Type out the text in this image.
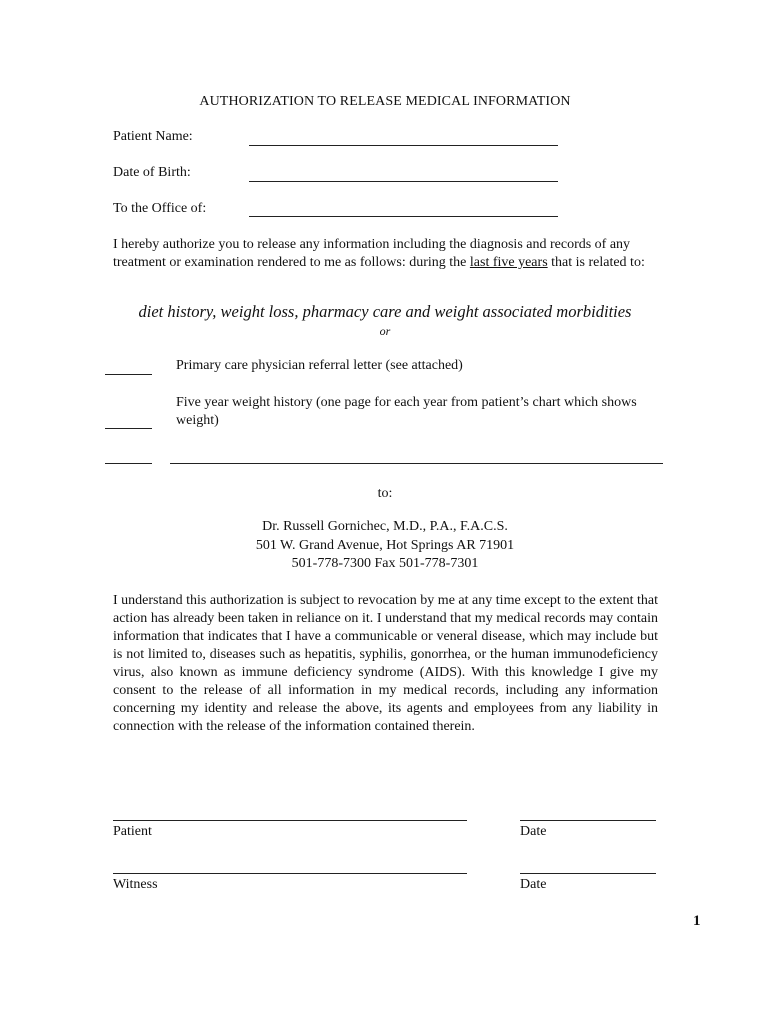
AUTHORIZATION TO RELEASE MEDICAL INFORMATION
Patient Name:
Date of Birth:
To the Office of:
I hereby authorize you to release any information including the diagnosis and records of any treatment or examination rendered to me as follows: during the last five years that is related to:
diet history, weight loss, pharmacy care and weight associated morbidities
or
Primary care physician referral letter (see attached)
Five year weight history (one page for each year from patient’s chart which shows weight)
to:
Dr. Russell Gornichec, M.D., P.A., F.A.C.S.
501 W. Grand Avenue, Hot Springs AR 71901
501-778-7300 Fax 501-778-7301
I understand this authorization is subject to revocation by me at any time except to the extent that action has already been taken in reliance on it. I understand that my medical records may contain information that indicates that I have a communicable or veneral disease, which may include but is not limited to, diseases such as hepatitis, syphilis, gonorrhea, or the human immunodeficiency virus, also known as immune deficiency syndrome (AIDS). With this knowledge I give my consent to the release of all information in my medical records, including any information concerning my identity and release the above, its agents and employees from any liability in connection with the release of the information contained therein.
Patient	Date
Witness	Date
1
